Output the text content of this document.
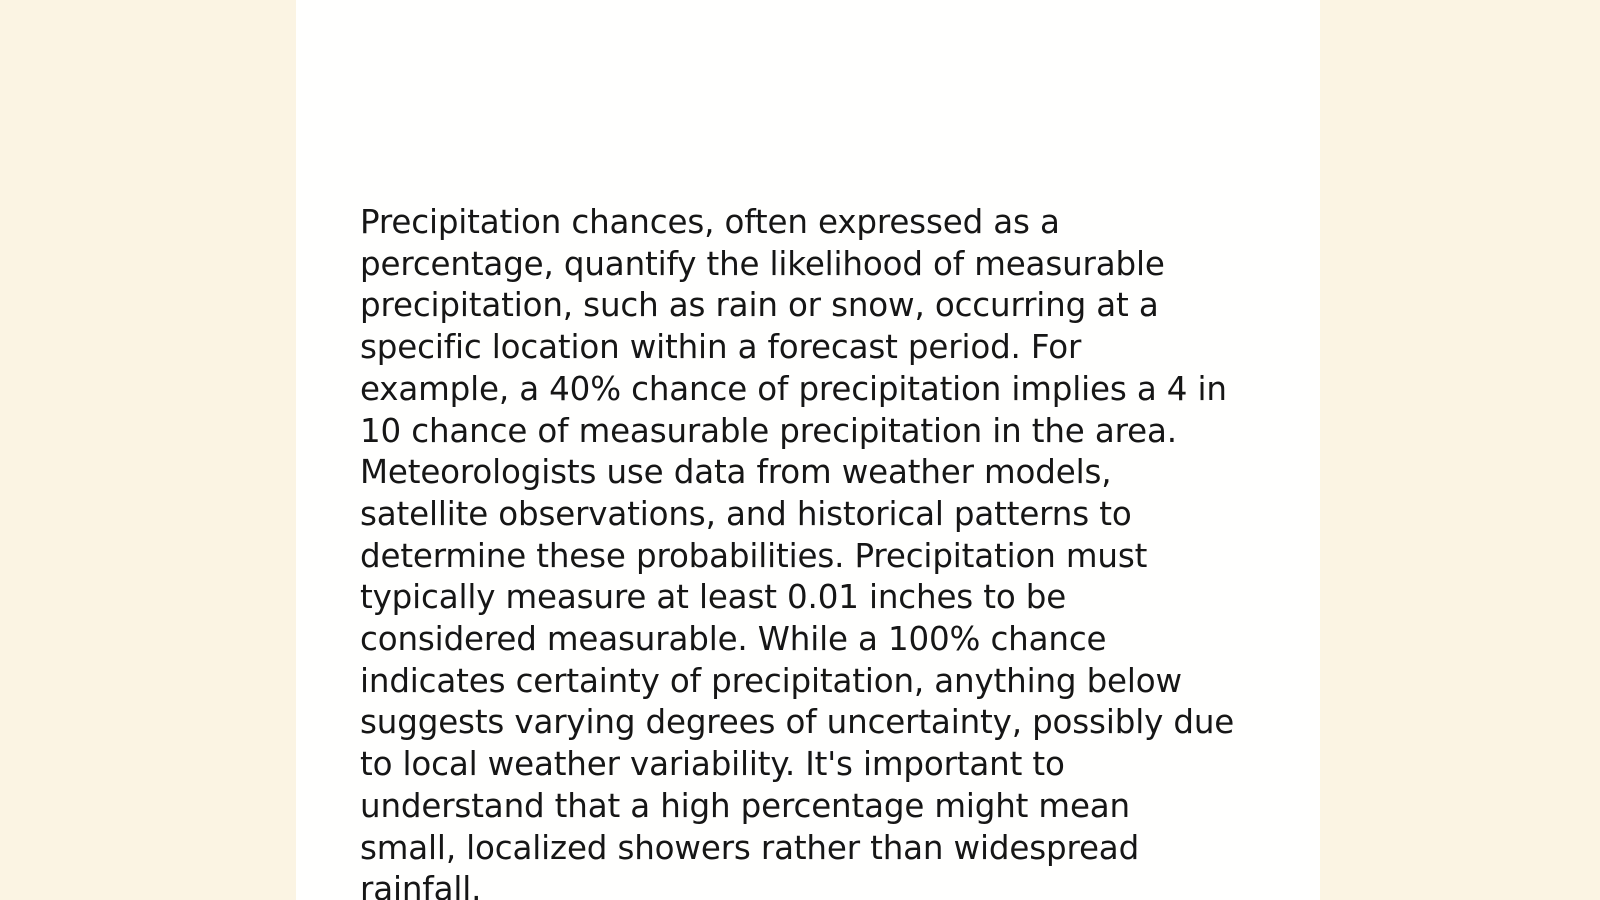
Precipitation chances, often expressed as a
percentage, quantify the likelihood of measurable
precipitation, such as rain or snow, occurring at a
specific location within a forecast period. For
example, a 40% chance of precipitation implies a 4 in
10 chance of measurable precipitation in the area.
Meteorologists use data from weather models,
satellite observations, and historical patterns to
determine these probabilities. Precipitation must
typically measure at least 0.01 inches to be
considered measurable. While a 100% chance
indicates certainty of precipitation, anything below
suggests varying degrees of uncertainty, possibly due
to local weather variability. It's important to
understand that a high percentage might mean
small, localized showers rather than widespread
rainfall.
